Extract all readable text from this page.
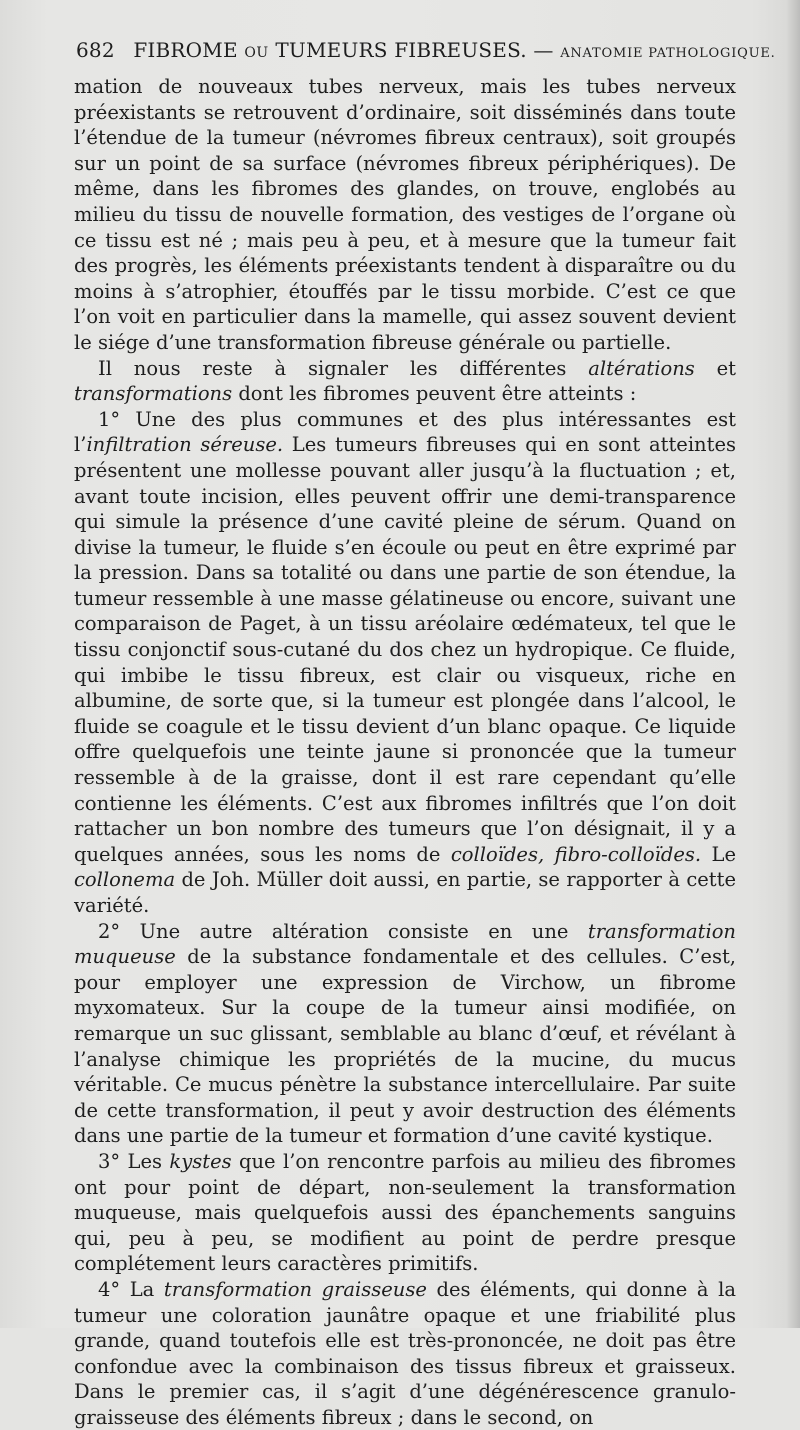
682 FIBROME OU TUMEURS FIBREUSES. — ANATOMIE PATHOLOGIQUE.

mation de nouveaux tubes nerveux, mais les tubes nerveux préexistants se retrouvent d’ordinaire, soit disséminés dans toute l’étendue de la tumeur (névromes fibreux centraux), soit groupés sur un point de sa surface (névromes fibreux périphériques). De même, dans les fibromes des glandes, on trouve, englobés au milieu du tissu de nouvelle formation, des vestiges de l’organe où ce tissu est né ; mais peu à peu, et à mesure que la tumeur fait des progrès, les éléments préexistants tendent à disparaître ou du moins à s’atrophier, étouffés par le tissu morbide. C’est ce que l’on voit en particulier dans la mamelle, qui assez souvent devient le siége d’une transformation fibreuse générale ou partielle.

Il nous reste à signaler les différentes altérations et transformations dont les fibromes peuvent être atteints :

1° Une des plus communes et des plus intéressantes est l’infiltration séreuse. Les tumeurs fibreuses qui en sont atteintes présentent une mollesse pouvant aller jusqu’à la fluctuation ; et, avant toute incision, elles peuvent offrir une demi-transparence qui simule la présence d’une cavité pleine de sérum. Quand on divise la tumeur, le fluide s’en écoule ou peut en être exprimé par la pression. Dans sa totalité ou dans une partie de son étendue, la tumeur ressemble à une masse gélatineuse ou encore, suivant une comparaison de Paget, à un tissu aréolaire œdémateux, tel que le tissu conjonctif sous-cutané du dos chez un hydropique. Ce fluide, qui imbibe le tissu fibreux, est clair ou visqueux, riche en albumine, de sorte que, si la tumeur est plongée dans l’alcool, le fluide se coagule et le tissu devient d’un blanc opaque. Ce liquide offre quelquefois une teinte jaune si prononcée que la tumeur ressemble à de la graisse, dont il est rare cependant qu’elle contienne les éléments. C’est aux fibromes infiltrés que l’on doit rattacher un bon nombre des tumeurs que l’on désignait, il y a quelques années, sous les noms de colloïdes, fibro-colloïdes. Le collonema de Joh. Müller doit aussi, en partie, se rapporter à cette variété.

2° Une autre altération consiste en une transformation muqueuse de la substance fondamentale et des cellules. C’est, pour employer une expression de Virchow, un fibrome myxomateux. Sur la coupe de la tumeur ainsi modifiée, on remarque un suc glissant, semblable au blanc d’œuf, et révélant à l’analyse chimique les propriétés de la mucine, du mucus véritable. Ce mucus pénètre la substance intercellulaire. Par suite de cette transformation, il peut y avoir destruction des éléments dans une partie de la tumeur et formation d’une cavité kystique.

3° Les kystes que l’on rencontre parfois au milieu des fibromes ont pour point de départ, non-seulement la transformation muqueuse, mais quelquefois aussi des épanchements sanguins qui, peu à peu, se modifient au point de perdre presque complétement leurs caractères primitifs.

4° La transformation graisseuse des éléments, qui donne à la tumeur une coloration jaunâtre opaque et une friabilité plus grande, quand toutefois elle est très-prononcée, ne doit pas être confondue avec la combinaison des tissus fibreux et graisseux. Dans le premier cas, il s’agit d’une dégénérescence granulo-graisseuse des éléments fibreux ; dans le second, on
